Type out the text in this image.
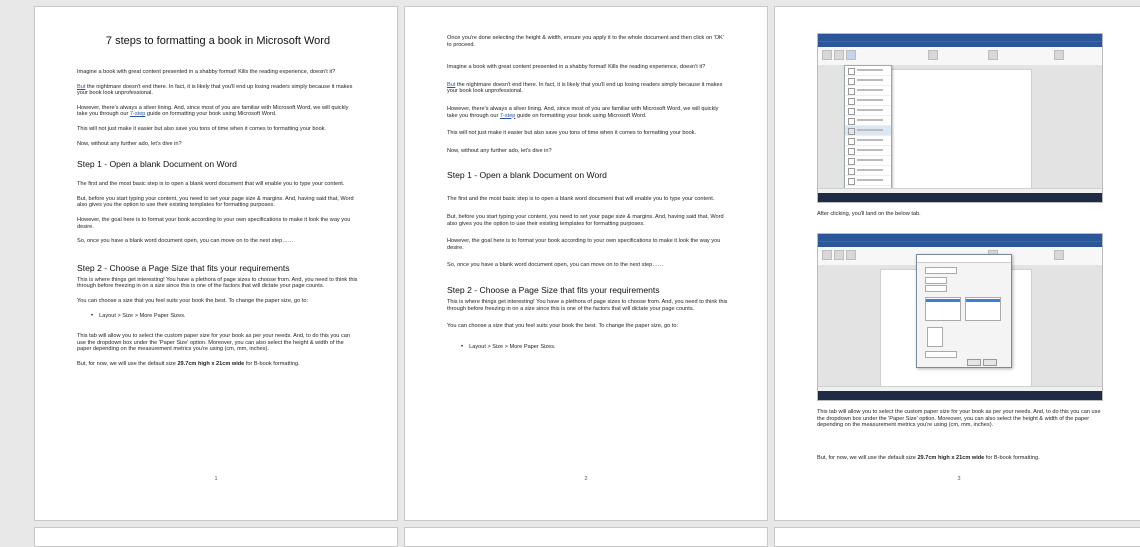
7 steps to formatting a book in Microsoft Word

Imagine a book with great content presented in a shabby format! Kills the reading experience, doesn't it?

But the nightmare doesn't end there. In fact, it is likely that you'll end up losing readers simply because it makes your book look unprofessional.

However, there's always a silver lining. And, since most of you are familiar with Microsoft Word, we will quickly take you through our 7-step guide on formatting your book using Microsoft Word.

This will not just make it easier but also save you tons of time when it comes to formatting your book.

Now, without any further ado, let's dive in?

Step 1 - Open a blank Document on Word

The first and the most basic step is to open a blank word document that will enable you to type your content.

But, before you start typing your content, you need to set your page size & margins. And, having said that, Word also gives you the option to use their existing templates for formatting purposes.

However, the goal here is to format your book according to your own specifications to make it look the way you desire.

So, once you have a blank word document open, you can move on to the next step……

Step 2 - Choose a Page Size that fits your requirements

This is where things get interesting! You have a plethora of page sizes to choose from. And, you need to think this through before freezing in on a size since this is one of the factors that will dictate your page counts.

You can choose a size that you feel suits your book the best. To change the paper size, go to:

• Layout > Size > More Paper Sizes.

This tab will allow you to select the custom paper size for your book as per your needs. And, to do this you can use the dropdown box under the 'Paper Size' option. Moreover, you can also select the height & width of the paper depending on the measurement metrics you're using (cm, mm, inches).

But, for now, we will use the default size 29.7cm high x 21cm wide for B-book formatting.

1

Once you're done selecting the height & width, ensure you apply it to the whole document and then click on 'OK' to proceed.

Imagine a book with great content presented in a shabby format! Kills the reading experience, doesn't it?

But the nightmare doesn't end there. In fact, it is likely that you'll end up losing readers simply because it makes your book look unprofessional.

However, there's always a silver lining. And, since most of you are familiar with Microsoft Word, we will quickly take you through our 7-step guide on formatting your book using Microsoft Word.

This will not just make it easier but also save you tons of time when it comes to formatting your book.

Now, without any further ado, let's dive in?

Step 1 - Open a blank Document on Word

The first and the most basic step is to open a blank word document that will enable you to type your content.

But, before you start typing your content, you need to set your page size & margins. And, having said that, Word also gives you the option to use their existing templates for formatting purposes.

However, the goal here is to format your book according to your own specifications to make it look the way you desire.

So, once you have a blank word document open, you can move on to the next step……

Step 2 - Choose a Page Size that fits your requirements

This is where things get interesting! You have a plethora of page sizes to choose from. And, you need to think this through before freezing in on a size since this is one of the factors that will dictate your page counts.

You can choose a size that you feel suits your book the best. To change the paper size, go to:

• Layout > Size > More Paper Sizes.
2

After clicking, you'll land on the below tab.

This tab will allow you to select the custom paper size for your book as per your needs. And, to do this you can use the dropdown box under the 'Paper Size' option. Moreover, you can also select the height & width of the paper depending on the measurement metrics you're using (cm, mm, inches).

But, for now, we will use the default size 29.7cm high x 21cm wide for B-book formatting.

3
